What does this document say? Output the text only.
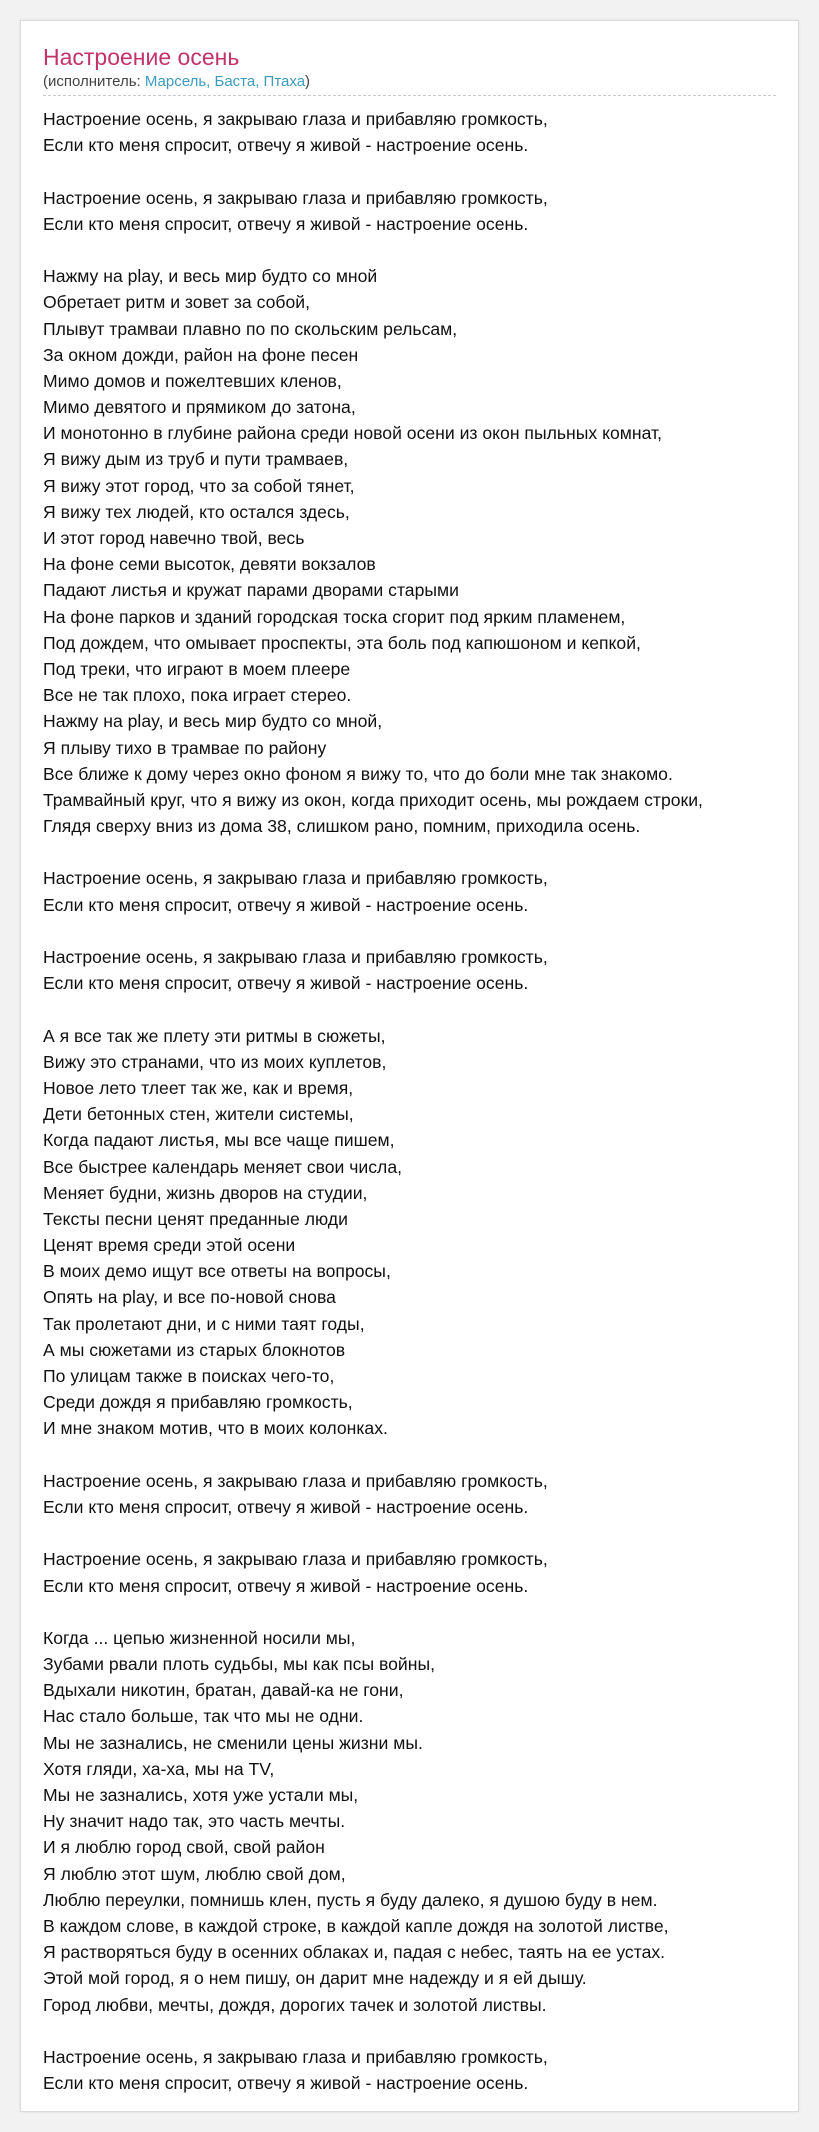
Настроение осень
(исполнитель: Марсель, Баста, Птаха)
Настроение осень, я закрываю глаза и прибавляю громкость,
Если кто меня спросит, отвечу я живой - настроение осень.
Настроение осень, я закрываю глаза и прибавляю громкость,
Если кто меня спросит, отвечу я живой - настроение осень.
Нажму на play, и весь мир будто со мной
Обретает ритм и зовет за собой,
Плывут трамваи плавно по по скольским рельсам,
За окном дожди, район на фоне песен
Мимо домов и пожелтевших кленов,
Мимо девятого и прямиком до затона,
И монотонно в глубине района среди новой осени из окон пыльных комнат,
Я вижу дым из труб и пути трамваев,
Я вижу этот город, что за собой тянет,
Я вижу тех людей, кто остался здесь,
И этот город навечно твой, весь
На фоне семи высоток, девяти вокзалов
Падают листья и кружат парами дворами старыми
На фоне парков и зданий городская тоска сгорит под ярким пламенем,
Под дождем, что омывает проспекты, эта боль под капюшоном и кепкой,
Под треки, что играют в моем плеере
Все не так плохо, пока играет стерео.
Нажму на play, и весь мир будто со мной,
Я плыву тихо в трамвае по району
Все ближе к дому через окно фоном я вижу то, что до боли мне так знакомо.
Трамвайный круг, что я вижу из окон, когда приходит осень, мы рождаем строки,
Глядя сверху вниз из дома 38, слишком рано, помним, приходила осень.
Настроение осень, я закрываю глаза и прибавляю громкость,
Если кто меня спросит, отвечу я живой - настроение осень.
Настроение осень, я закрываю глаза и прибавляю громкость,
Если кто меня спросит, отвечу я живой - настроение осень.
А я все так же плету эти ритмы в сюжеты,
Вижу это странами, что из моих куплетов,
Новое лето тлеет так же, как и время,
Дети бетонных стен, жители системы,
Когда падают листья, мы все чаще пишем,
Все быстрее календарь меняет свои числа,
Меняет будни, жизнь дворов на студии,
Тексты песни ценят преданные люди
Ценят время среди этой осени
В моих демо ищут все ответы на вопросы,
Опять на play, и все по-новой снова
Так пролетают дни, и с ними таят годы,
А мы сюжетами из старых блокнотов
По улицам также в поисках чего-то,
Среди дождя я прибавляю громкость,
И мне знаком мотив, что в моих колонках.
Настроение осень, я закрываю глаза и прибавляю громкость,
Если кто меня спросит, отвечу я живой - настроение осень.
Настроение осень, я закрываю глаза и прибавляю громкость,
Если кто меня спросит, отвечу я живой - настроение осень.
Когда ... цепью жизненной носили мы,
Зубами рвали плоть судьбы, мы как псы войны,
Вдыхали никотин, братан, давай-ка не гони,
Нас стало больше, так что мы не одни.
Мы не зазнались, не сменили цены жизни мы.
Хотя гляди, ха-ха, мы на TV,
Мы не зазнались, хотя уже устали мы,
Ну значит надо так, это часть мечты.
И я люблю город свой, свой район
Я люблю этот шум, люблю свой дом,
Люблю переулки, помнишь клен, пусть я буду далеко, я душою буду в нем.
В каждом слове, в каждой строке, в каждой капле дождя на золотой листве,
Я растворяться буду в осенних облаках и, падая с небес, таять на ее устах.
Этой мой город, я о нем пишу, он дарит мне надежду и я ей дышу.
Город любви, мечты, дождя, дорогих тачек и золотой листвы.
Настроение осень, я закрываю глаза и прибавляю громкость,
Если кто меня спросит, отвечу я живой - настроение осень.
